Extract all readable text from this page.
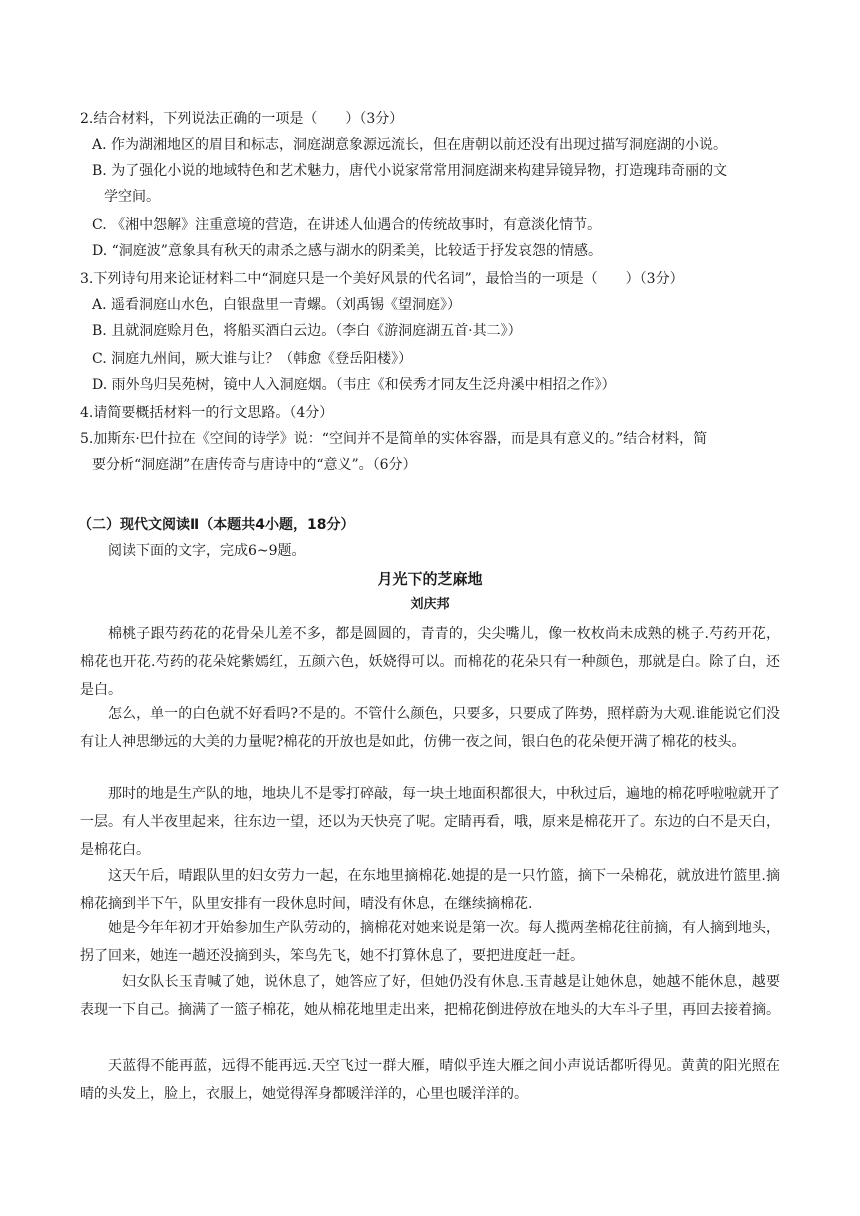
2.结合材料，下列说法正确的一项是（　　）（3分）
A. 作为湖湘地区的眉目和标志，洞庭湖意象源远流长，但在唐朝以前还没有出现过描写洞庭湖的小说。
B. 为了强化小说的地域特色和艺术魅力，唐代小说家常常用洞庭湖来构建异镜异物，打造瑰玮奇丽的文
学空间。
C. 《湘中怨解》注重意境的营造，在讲述人仙遇合的传统故事时，有意淡化情节。
D. “洞庭波”意象具有秋天的肃杀之感与湖水的阴柔美，比较适于抒发哀怨的情感。
3.下列诗句用来论证材料二中“洞庭只是一个美好风景的代名词”，最恰当的一项是（　　）（3分）
A. 遥看洞庭山水色，白银盘里一青螺。（刘禹锡《望洞庭》）
B. 且就洞庭赊月色，将船买酒白云边。（李白《游洞庭湖五首·其二》）
C. 洞庭九州间，厥大谁与让？（韩愈《登岳阳楼》）
D. 雨外鸟归吴苑树，镜中人入洞庭烟。（韦庄《和侯秀才同友生泛舟溪中相招之作》）
4.请简要概括材料一的行文思路。（4分）
5.加斯东·巴什拉在《空间的诗学》说：“空间并不是简单的实体容器，而是具有意义的。”结合材料，简
要分析“洞庭湖”在唐传奇与唐诗中的“意义”。（6分）
（二）现代文阅读Ⅱ（本题共4小题，18分）
阅读下面的文字，完成6~9题。
月光下的芝麻地
刘庆邦
棉桃子跟芍药花的花骨朵儿差不多，都是圆圆的，青青的，尖尖嘴儿，像一枚枚尚未成熟的桃子.芍药开花，棉花也开花.芍药的花朵姹紫嫣红，五颜六色，妖娆得可以。而棉花的花朵只有一种颜色，那就是白。除了白，还是白。
怎么，单一的白色就不好看吗?不是的。不管什么颜色，只要多，只要成了阵势，照样蔚为大观.谁能说它们没有让人神思缈远的大美的力量呢?棉花的开放也是如此，仿佛一夜之间，银白色的花朵便开满了棉花的枝头。
那时的地是生产队的地，地块儿不是零打碎敲，每一块土地面积都很大，中秋过后，遍地的棉花呼啦啦就开了一层。有人半夜里起来，往东边一望，还以为天快亮了呢。定睛再看，哦，原来是棉花开了。东边的白不是天白，是棉花白。
这天午后，晴跟队里的妇女劳力一起，在东地里摘棉花.她提的是一只竹篮，摘下一朵棉花，就放进竹篮里.摘棉花摘到半下午，队里安排有一段休息时间，晴没有休息，在继续摘棉花.
她是今年年初才开始参加生产队劳动的，摘棉花对她来说是第一次。每人揽两垄棉花往前摘，有人摘到地头，拐了回来，她连一趟还没摘到头，笨鸟先飞，她不打算休息了，要把进度赶一赶。
妇女队长玉青喊了她，说休息了，她答应了好，但她仍没有休息.玉青越是让她休息，她越不能休息，越要表现一下自己。摘满了一篮子棉花，她从棉花地里走出来，把棉花倒进停放在地头的大车斗子里，再回去接着摘。
天蓝得不能再蓝，远得不能再远.天空飞过一群大雁，晴似乎连大雁之间小声说话都听得见。黄黄的阳光照在晴的头发上，脸上，衣服上，她觉得浑身都暖洋洋的，心里也暖洋洋的。
